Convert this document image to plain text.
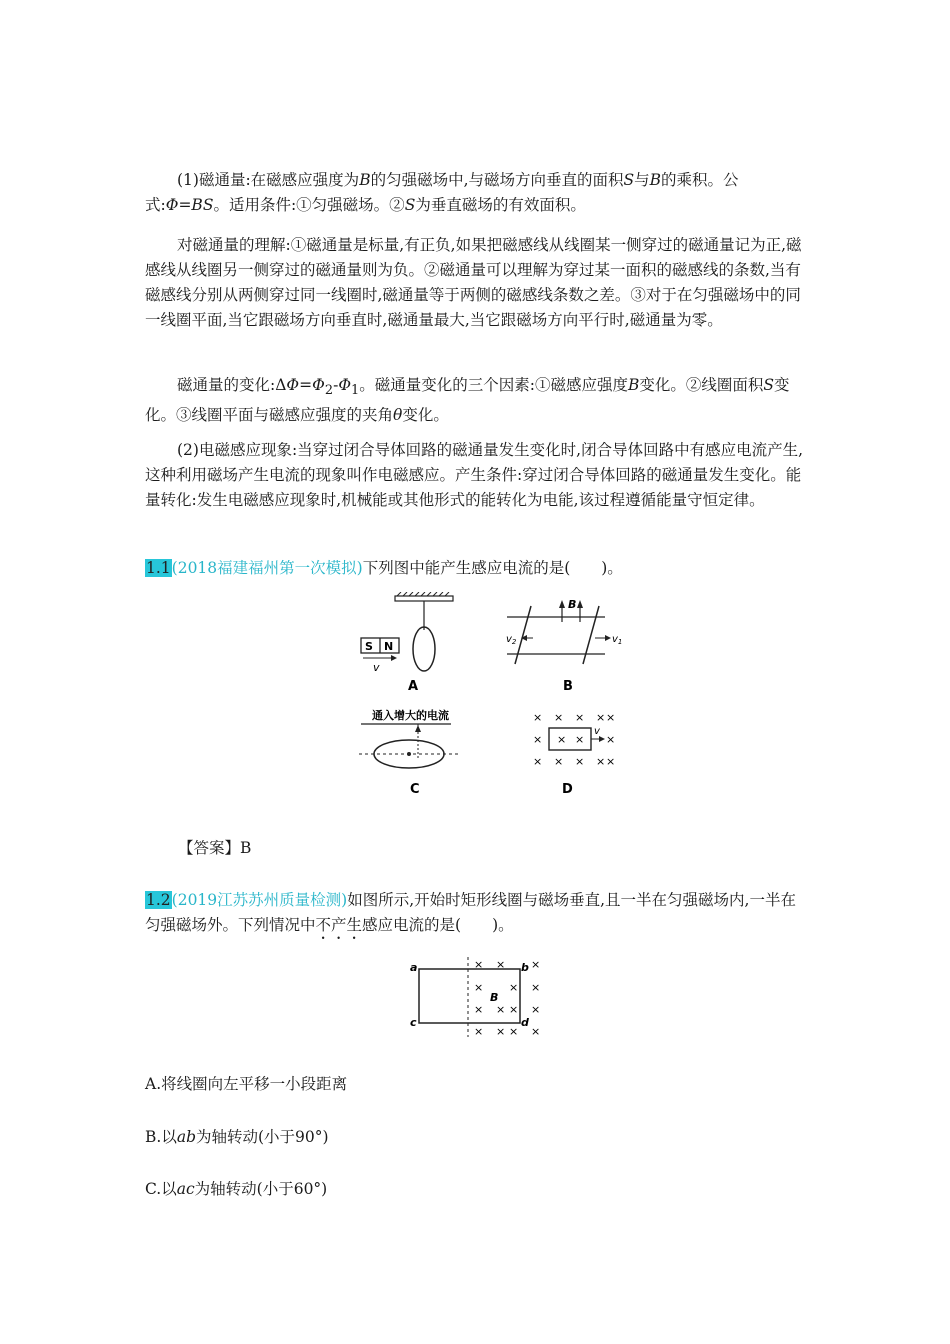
(1)磁通量:在磁感应强度为B的匀强磁场中,与磁场方向垂直的面积S与B的乘积。公式:Φ=BS。适用条件:①匀强磁场。②S为垂直磁场的有效面积。

对磁通量的理解:①磁通量是标量,有正负,如果把磁感线从线圈某一侧穿过的磁通量记为正,磁感线从线圈另一侧穿过的磁通量则为负。②磁通量可以理解为穿过某一面积的磁感线的条数,当有磁感线分别从两侧穿过同一线圈时,磁通量等于两侧的磁感线条数之差。③对于在匀强磁场中的同一线圈平面,当它跟磁场方向垂直时,磁通量最大,当它跟磁场方向平行时,磁通量为零。

磁通量的变化$:\Delta\Phi=\Phi_2-\Phi_1$。磁通量变化的三个因素:①磁感应强度B变化。②线圈面积S变化。③线圈平面与磁感应强度的夹角θ变化。

(2)电磁感应现象:当穿过闭合导体回路的磁通量发生变化时,闭合导体回路中有感应电流产生,这种利用磁场产生电流的现象叫作电磁感应。产生条件:穿过闭合导体回路的磁通量发生变化。能量转化:发生电磁感应现象时,机械能或其他形式的能转化为电能,该过程遵循能量守恒定律。

1.1(2018福建福州第一次模拟)下列图中能产生感应电流的是(　　)。

S N
v
A
B
$v_2$	$v_1$
B
通入增大的电流
C
× × × × ×
× × × ×
× × × × ×
v
D

【答案】B

1.2(2019江苏苏州质量检测)如图所示,开始时矩形线圈与磁场垂直,且一半在匀强磁场内,一半在匀强磁场外。下列情况中不产生感应电流的是(　　)。

× × ×
× × ×
× × × ×
× × × ×
a	b
c	d
B

A.将线圈向左平移一小段距离

B.以ab为轴转动(小于90°)

C.以ac为轴转动(小于60°)
